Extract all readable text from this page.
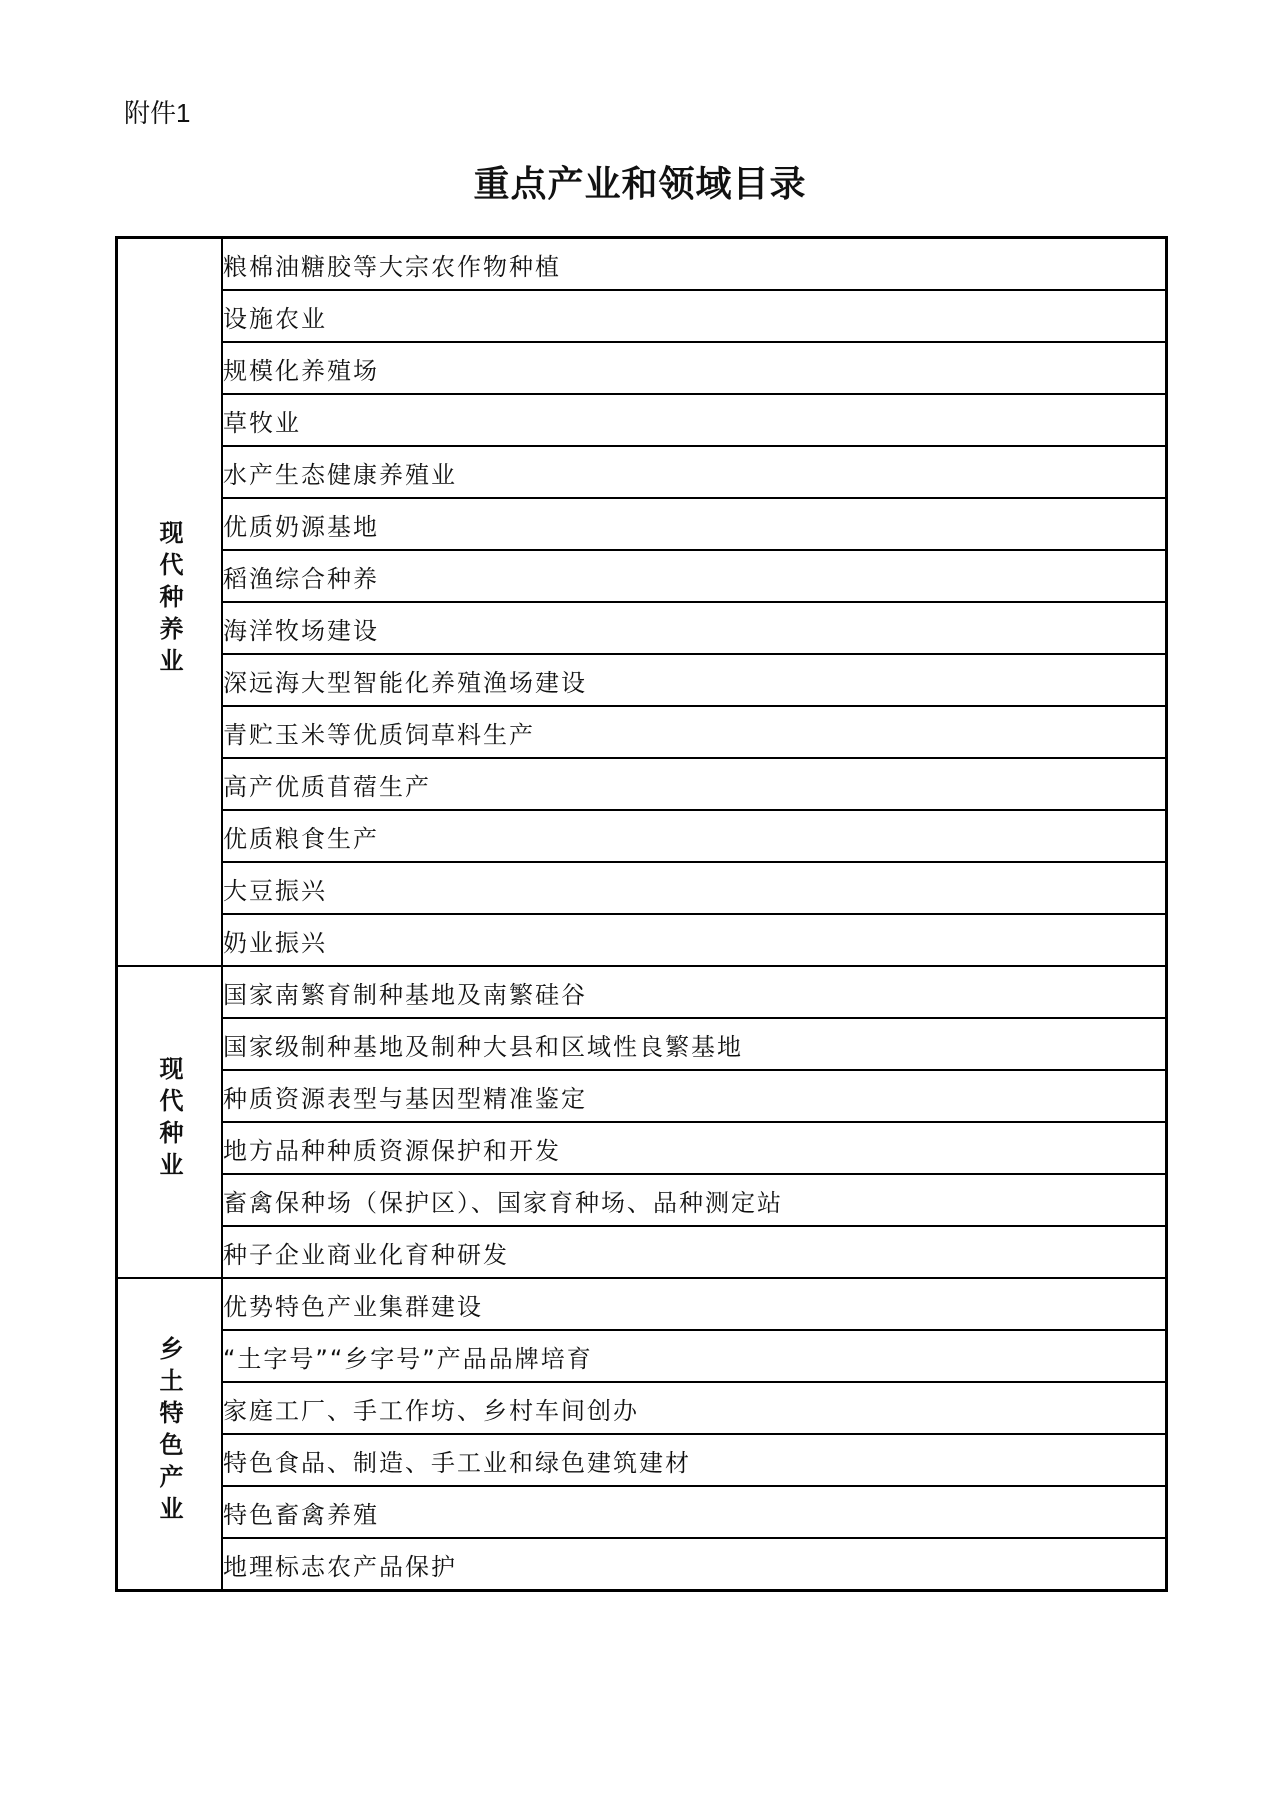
附件1
重点产业和领域目录
现代种养业	粮棉油糖胶等大宗农作物种植
	设施农业
	规模化养殖场
	草牧业
	水产生态健康养殖业
	优质奶源基地
	稻渔综合种养
	海洋牧场建设
	深远海大型智能化养殖渔场建设
	青贮玉米等优质饲草料生产
	高产优质苜蓿生产
	优质粮食生产
	大豆振兴
	奶业振兴
现代种业	国家南繁育制种基地及南繁硅谷
	国家级制种基地及制种大县和区域性良繁基地
	种质资源表型与基因型精准鉴定
	地方品种种质资源保护和开发
	畜禽保种场（保护区）、国家育种场、品种测定站
	种子企业商业化育种研发
乡土特色产业	优势特色产业集群建设
	“土字号”“乡字号”产品品牌培育
	家庭工厂、手工作坊、乡村车间创办
	特色食品、制造、手工业和绿色建筑建材
	特色畜禽养殖
	地理标志农产品保护
